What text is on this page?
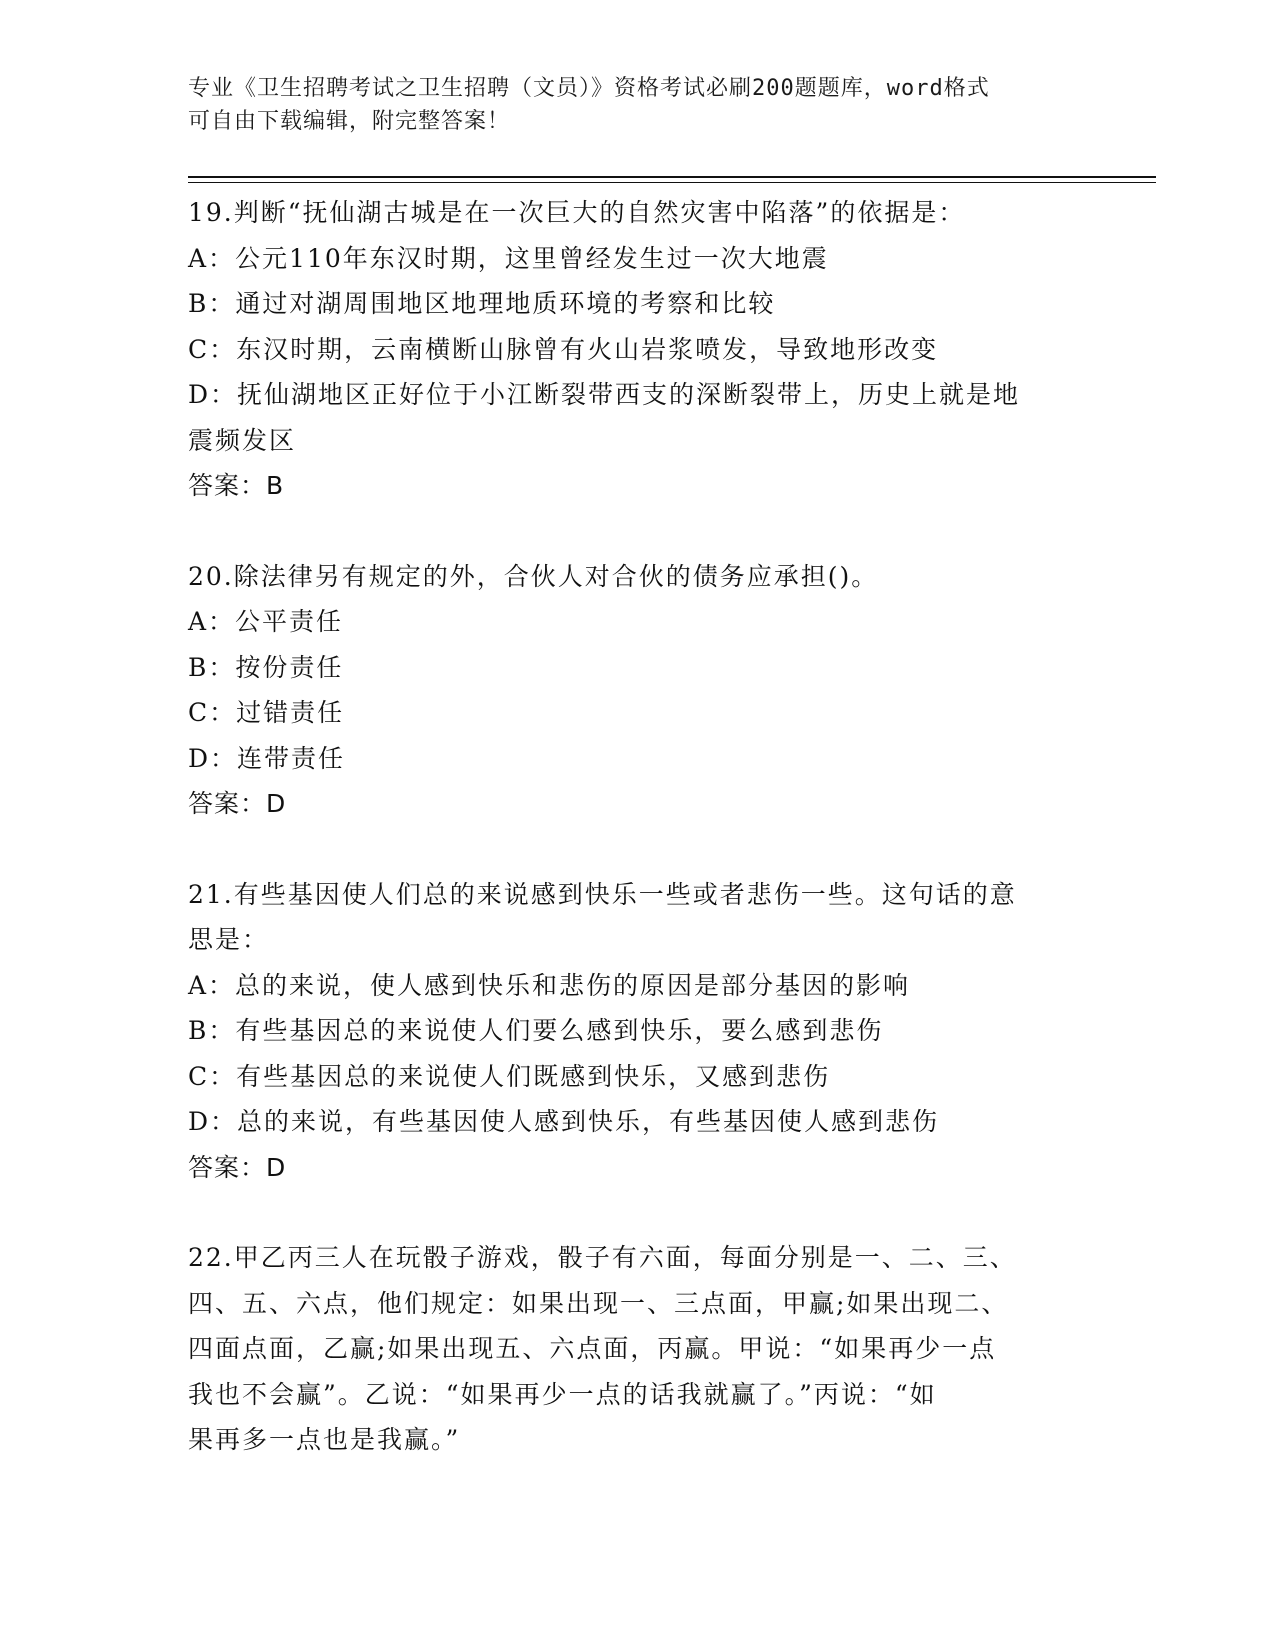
专业《卫生招聘考试之卫生招聘（文员）》资格考试必刷200题题库，word格式
可自由下载编辑，附完整答案！
19.判断“抚仙湖古城是在一次巨大的自然灾害中陷落”的依据是：
A：公元110年东汉时期，这里曾经发生过一次大地震
B：通过对湖周围地区地理地质环境的考察和比较
C：东汉时期，云南横断山脉曾有火山岩浆喷发，导致地形改变
D：抚仙湖地区正好位于小江断裂带西支的深断裂带上，历史上就是地
震频发区
答案：B
20.除法律另有规定的外，合伙人对合伙的债务应承担()。
A：公平责任
B：按份责任
C：过错责任
D：连带责任
答案：D
21.有些基因使人们总的来说感到快乐一些或者悲伤一些。这句话的意
思是：
A：总的来说，使人感到快乐和悲伤的原因是部分基因的影响
B：有些基因总的来说使人们要么感到快乐，要么感到悲伤
C：有些基因总的来说使人们既感到快乐，又感到悲伤
D：总的来说，有些基因使人感到快乐，有些基因使人感到悲伤
答案：D
22.甲乙丙三人在玩骰子游戏，骰子有六面，每面分别是一、二、三、
四、五、六点，他们规定：如果出现一、三点面，甲赢;如果出现二、
四面点面，乙赢;如果出现五、六点面，丙赢。甲说：“如果再少一点
我也不会赢”。乙说：“如果再少一点的话我就赢了。”丙说：“如
果再多一点也是我赢。”
